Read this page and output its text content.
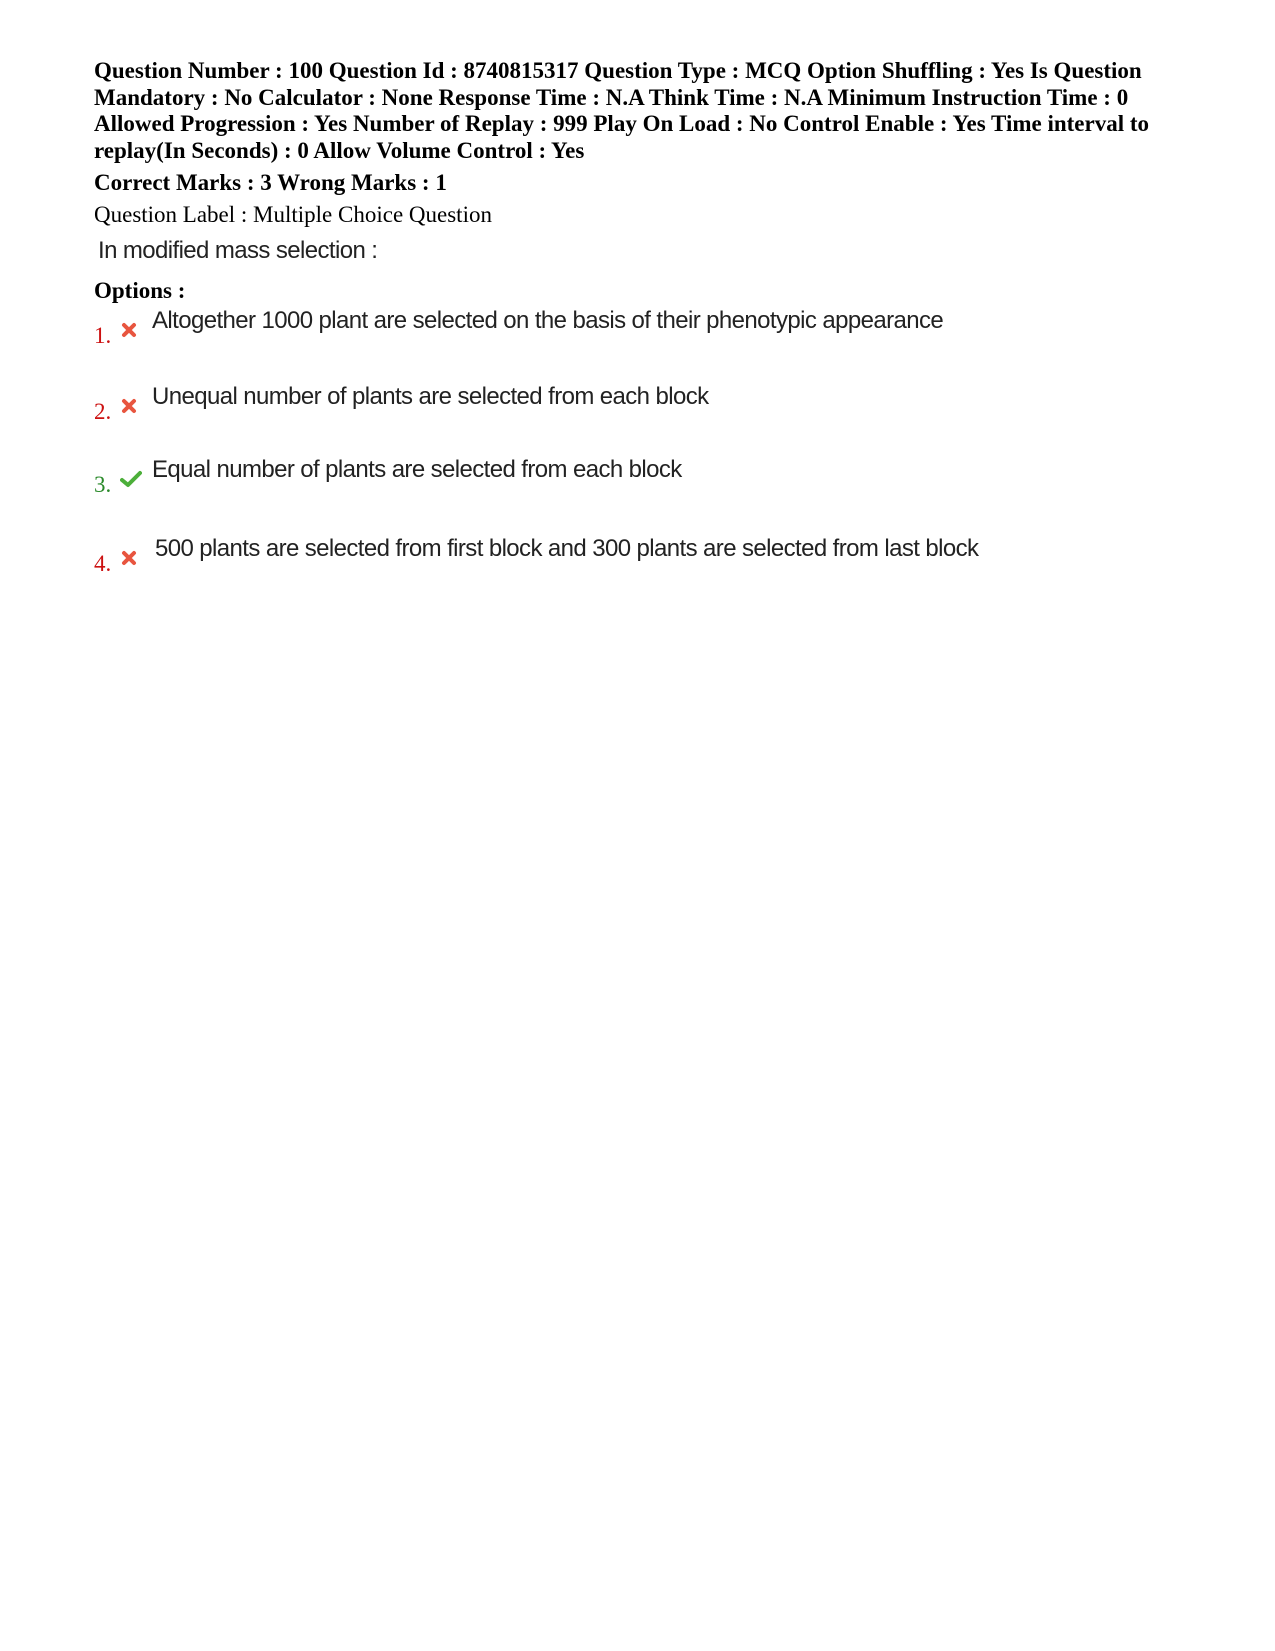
Question Number : 100 Question Id : 8740815317 Question Type : MCQ Option Shuffling : Yes Is Question
Mandatory : No Calculator : None Response Time : N.A Think Time : N.A Minimum Instruction Time : 0
Allowed Progression : Yes Number of Replay : 999 Play On Load : No Control Enable : Yes Time interval to
replay(In Seconds) : 0 Allow Volume Control : Yes
Correct Marks : 3 Wrong Marks : 1
Question Label : Multiple Choice Question
In modified mass selection :
Options :
1.
Altogether 1000 plant are selected on the basis of their phenotypic appearance
2.
Unequal number of plants are selected from each block
3.
Equal number of plants are selected from each block
4.
500 plants are selected from first block and 300 plants are selected from last block
